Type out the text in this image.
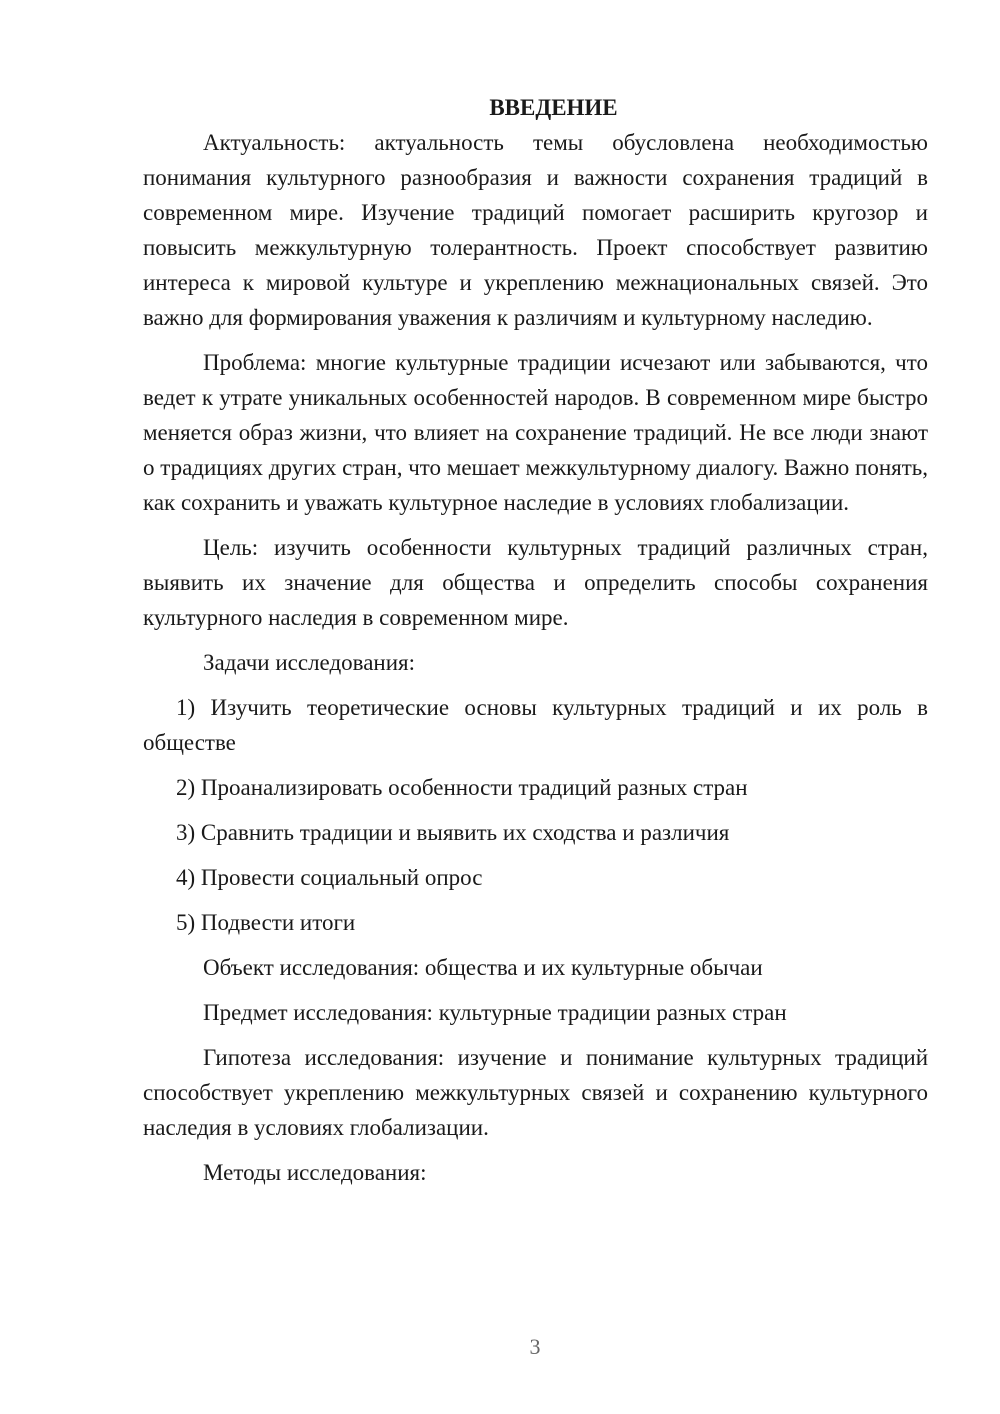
ВВЕДЕНИЕ

Актуальность: актуальность темы обусловлена необходимостью понимания культурного разнообразия и важности сохранения традиций в современном мире. Изучение традиций помогает расширить кругозор и повысить межкультурную толерантность. Проект способствует развитию интереса к мировой культуре и укреплению межнациональных связей. Это важно для формирования уважения к различиям и культурному наследию.

Проблема: многие культурные традиции исчезают или забываются, что ведет к утрате уникальных особенностей народов. В современном мире быстро меняется образ жизни, что влияет на сохранение традиций. Не все люди знают о традициях других стран, что мешает межкультурному диалогу. Важно понять, как сохранить и уважать культурное наследие в условиях глобализации.

Цель: изучить особенности культурных традиций различных стран, выявить их значение для общества и определить способы сохранения культурного наследия в современном мире.

Задачи исследования:

1) Изучить теоретические основы культурных традиций и их роль в обществе

2) Проанализировать особенности традиций разных стран

3) Сравнить традиции и выявить их сходства и различия

4) Провести социальный опрос

5) Подвести итоги

Объект исследования: общества и их культурные обычаи

Предмет исследования: культурные традиции разных стран

Гипотеза исследования: изучение и понимание культурных традиций способствует укреплению межкультурных связей и сохранению культурного наследия в условиях глобализации.

Методы исследования:

3
